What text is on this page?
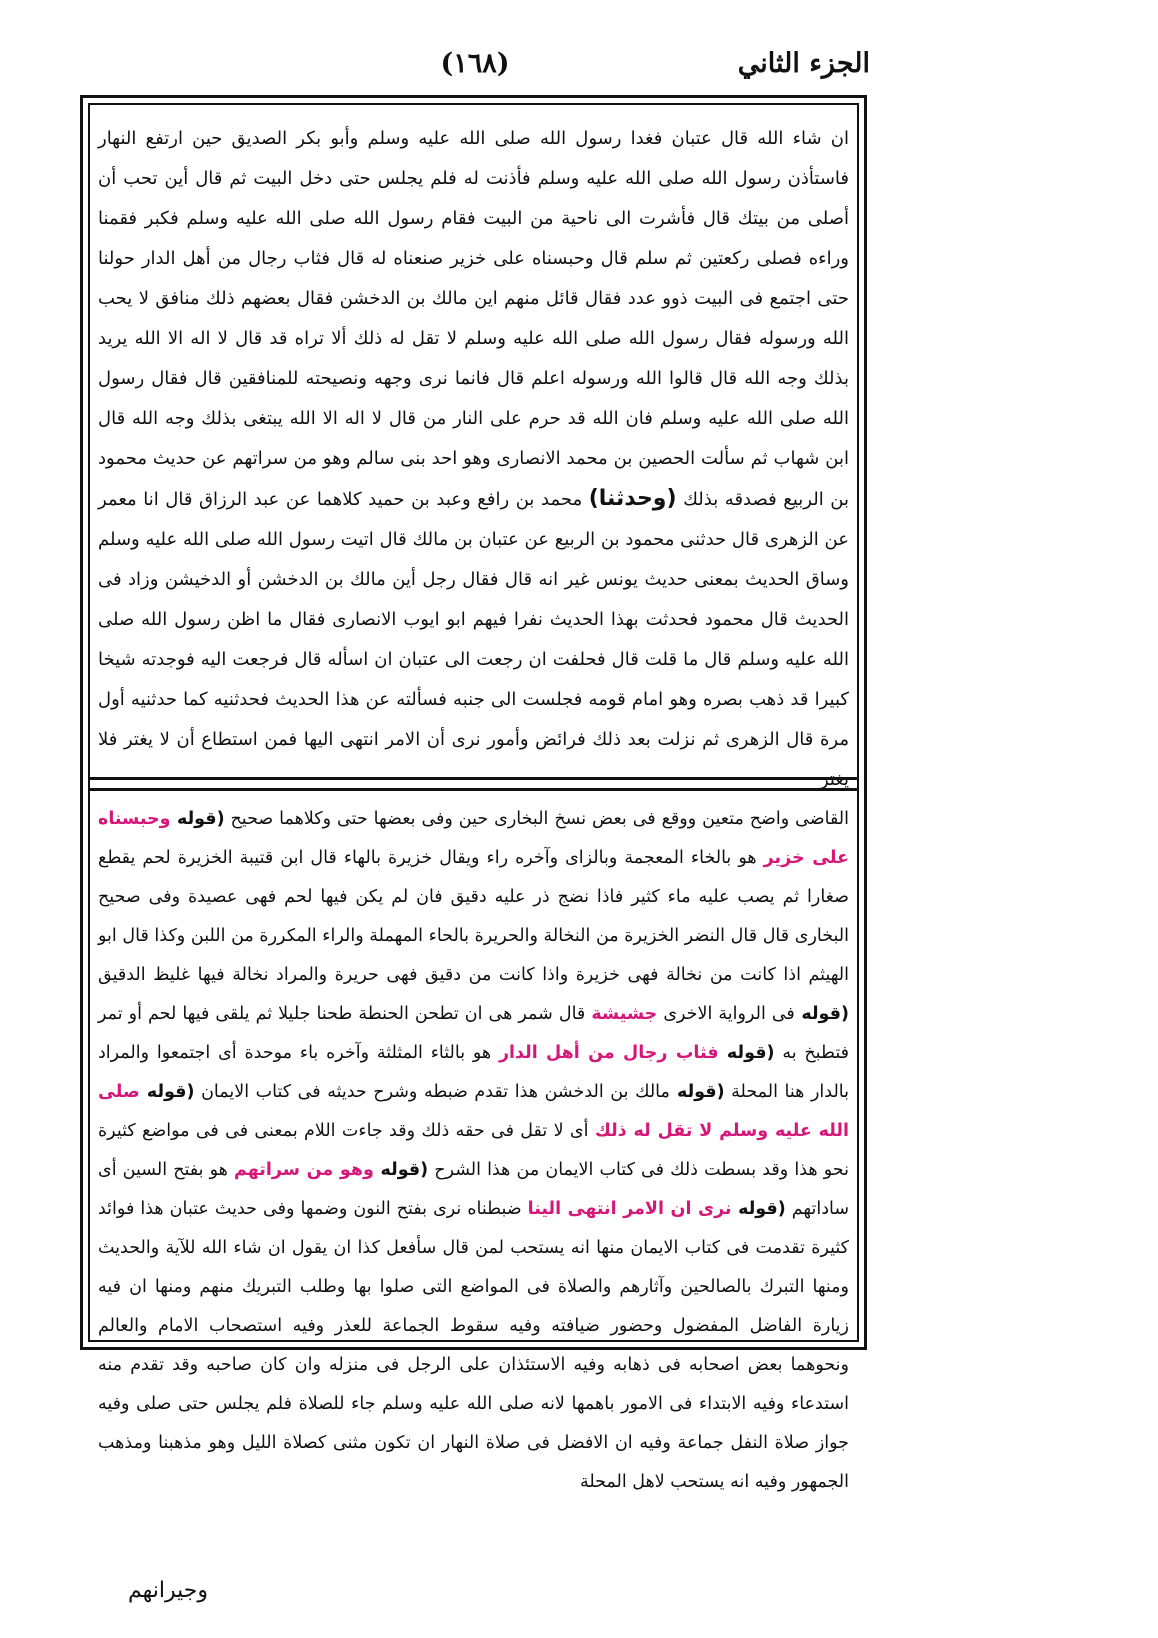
الجزء الثاني
(١٦٨)

ان شاء الله قال عتبان فغدا رسول الله صلى الله عليه وسلم وأبو بكر الصديق حين ارتفع النهار فاستأذن رسول الله صلى الله عليه وسلم فأذنت له فلم يجلس حتى دخل البيت ثم قال أين تحب أن أصلى من بيتك قال فأشرت الى ناحية من البيت فقام رسول الله صلى الله عليه وسلم فكبر فقمنا وراءه فصلى ركعتين ثم سلم قال وحبسناه على خزير صنعناه له قال فثاب رجال من أهل الدار حولنا حتى اجتمع فى البيت ذوو عدد فقال قائل منهم اين مالك بن الدخشن فقال بعضهم ذلك منافق لا يحب الله ورسوله فقال رسول الله صلى الله عليه وسلم لا تقل له ذلك ألا تراه قد قال لا اله الا الله يريد بذلك وجه الله قال قالوا الله ورسوله اعلم قال فانما نرى وجهه ونصيحته للمنافقين قال فقال رسول الله صلى الله عليه وسلم فان الله قد حرم على النار من قال لا اله الا الله يبتغى بذلك وجه الله قال ابن شهاب ثم سألت الحصين بن محمد الانصارى وهو احد بنى سالم وهو من سراتهم عن حديث محمود بن الربيع فصدقه بذلك (وحدثنا) محمد بن رافع وعبد بن حميد كلاهما عن عبد الرزاق قال انا معمر عن الزهرى قال حدثنى محمود بن الربيع عن عتبان بن مالك قال اتيت رسول الله صلى الله عليه وسلم وساق الحديث بمعنى حديث يونس غير انه قال فقال رجل أين مالك بن الدخشن أو الدخيشن وزاد فى الحديث قال محمود فحدثت بهذا الحديث نفرا فيهم ابو ايوب الانصارى فقال ما اظن رسول الله صلى الله عليه وسلم قال ما قلت قال فحلفت ان رجعت الى عتبان ان اسأله قال فرجعت اليه فوجدته شيخا كبيرا قد ذهب بصره وهو امام قومه فجلست الى جنبه فسألته عن هذا الحديث فحدثنيه كما حدثنيه أول مرة قال الزهرى ثم نزلت بعد ذلك فرائض وأمور نرى أن الامر انتهى اليها فمن استطاع أن لا يغتر فلا يغتر

القاضى واضح متعين ووقع فى بعض نسخ البخارى حين وفى بعضها حتى وكلاهما صحيح (قوله وحبسناه على خزير هو بالخاء المعجمة وبالزاى وآخره راء ويقال خزيرة بالهاء قال ابن قتيبة الخزيرة لحم يقطع صغارا ثم يصب عليه ماء كثير فاذا نضج ذر عليه دقيق فان لم يكن فيها لحم فهى عصيدة وفى صحيح البخارى قال قال النضر الخزيرة من النخالة والحريرة بالحاء المهملة والراء المكررة من اللبن وكذا قال ابو الهيثم اذا كانت من نخالة فهى خزيرة واذا كانت من دقيق فهى حريرة والمراد نخالة فيها غليظ الدقيق (قوله فى الرواية الاخرى جشيشة قال شمر هى ان تطحن الحنطة طحنا جليلا ثم يلقى فيها لحم أو تمر فتطبخ به (قوله فثاب رجال من أهل الدار هو بالثاء المثلثة وآخره باء موحدة أى اجتمعوا والمراد بالدار هنا المحلة (قوله مالك بن الدخشن هذا تقدم ضبطه وشرح حديثه فى كتاب الايمان (قوله صلى الله عليه وسلم لا تقل له ذلك أى لا تقل فى حقه ذلك وقد جاءت اللام بمعنى فى فى مواضع كثيرة نحو هذا وقد بسطت ذلك فى كتاب الايمان من هذا الشرح (قوله وهو من سراتهم هو بفتح السين أى ساداتهم (قوله نرى ان الامر انتهى الينا ضبطناه نرى بفتح النون وضمها وفى حديث عتبان هذا فوائد كثيرة تقدمت فى كتاب الايمان منها انه يستحب لمن قال سأفعل كذا ان يقول ان شاء الله للآية والحديث ومنها التبرك بالصالحين وآثارهم والصلاة فى المواضع التى صلوا بها وطلب التبريك منهم ومنها ان فيه زيارة الفاضل المفضول وحضور ضيافته وفيه سقوط الجماعة للعذر وفيه استصحاب الامام والعالم ونحوهما بعض اصحابه فى ذهابه وفيه الاستئذان على الرجل فى منزله وان كان صاحبه وقد تقدم منه استدعاء وفيه الابتداء فى الامور باهمها لانه صلى الله عليه وسلم جاء للصلاة فلم يجلس حتى صلى وفيه جواز صلاة النفل جماعة وفيه ان الافضل فى صلاة النهار ان تكون مثنى كصلاة الليل وهو مذهبنا ومذهب الجمهور وفيه انه يستحب لاهل المحلة

وجيرانهم
